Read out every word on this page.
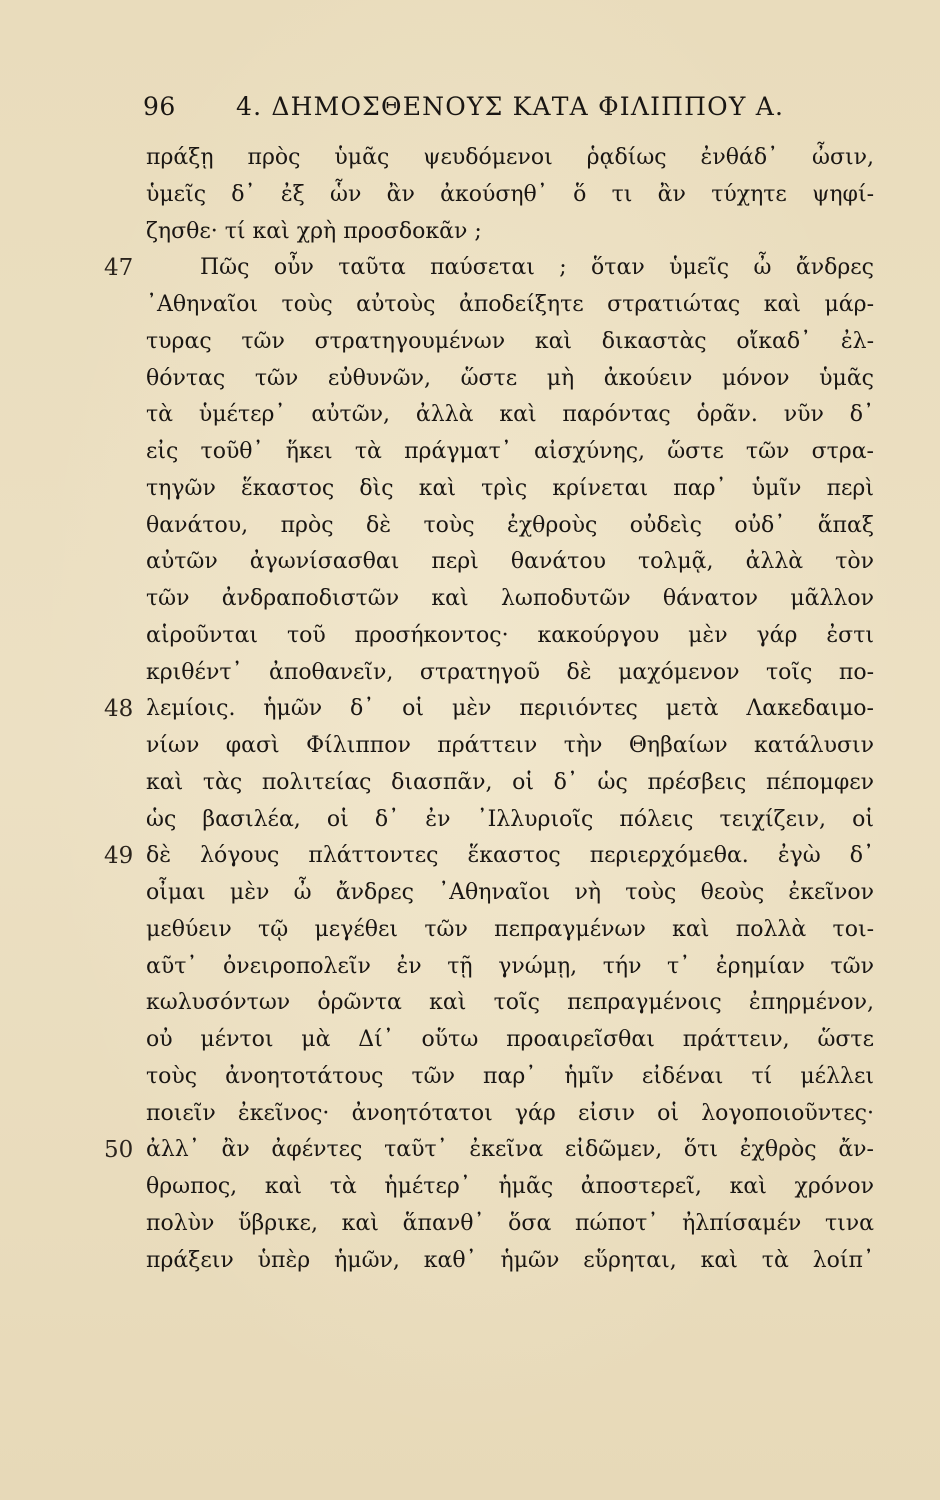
96 4. ΔΗΜΟΣΘΕΝΟΥΣ ΚΑΤΑ ΦΙΛΙΠΠΟΥ Α.
πράξῃ πρὸς ὑμᾶς ψευδόμενοι ῥᾳδίως ἐνθάδ᾿ ὦσιν,
ὑμεῖς δ᾿ ἐξ ὧν ἂν ἀκούσηθ᾿ ὅ τι ἂν τύχητε ψηφί-
ζησθε· τί καὶ χρὴ προσδοκᾶν ;
47	Πῶς οὖν ταῦτα παύσεται ; ὅταν ὑμεῖς ὦ ἄνδρες
᾿Αθηναῖοι τοὺς αὐτοὺς ἀποδείξητε στρατιώτας καὶ μάρ-
τυρας τῶν στρατηγουμένων καὶ δικαστὰς οἴκαδ᾿ ἐλ-
θόντας τῶν εὐθυνῶν, ὥστε μὴ ἀκούειν μόνον ὑμᾶς
τὰ ὑμέτερ᾿ αὐτῶν, ἀλλὰ καὶ παρόντας ὁρᾶν. νῦν δ᾿
εἰς τοῦθ᾿ ἥκει τὰ πράγματ᾿ αἰσχύνης, ὥστε τῶν στρα-
τηγῶν ἕκαστος δὶς καὶ τρὶς κρίνεται παρ᾿ ὑμῖν περὶ
θανάτου, πρὸς δὲ τοὺς ἐχθροὺς οὐδεὶς οὐδ᾿ ἅπαξ
αὐτῶν ἀγωνίσασθαι περὶ θανάτου τολμᾷ, ἀλλὰ τὸν
τῶν ἀνδραποδιστῶν καὶ λωποδυτῶν θάνατον μᾶλλον
αἱροῦνται τοῦ προσήκοντος· κακούργου μὲν γάρ ἐστι
κριθέντ᾿ ἀποθανεῖν, στρατηγοῦ δὲ μαχόμενον τοῖς πο-
48 λεμίοις. ἡμῶν δ᾿ οἱ μὲν περιιόντες μετὰ Λακεδαιμο-
νίων φασὶ Φίλιππον πράττειν τὴν Θηβαίων κατάλυσιν
καὶ τὰς πολιτείας διασπᾶν, οἱ δ᾿ ὡς πρέσβεις πέπομφεν
ὡς βασιλέα, οἱ δ᾿ ἐν ᾿Ιλλυριοῖς πόλεις τειχίζειν, οἱ
49 δὲ λόγους πλάττοντες ἕκαστος περιερχόμεθα. ἐγὼ δ᾿
οἶμαι μὲν ὦ ἄνδρες ᾿Αθηναῖοι νὴ τοὺς θεοὺς ἐκεῖνον
μεθύειν τῷ μεγέθει τῶν πεπραγμένων καὶ πολλὰ τοι-
αῦτ᾿ ὀνειροπολεῖν ἐν τῇ γνώμῃ, τήν τ᾿ ἐρημίαν τῶν
κωλυσόντων ὁρῶντα καὶ τοῖς πεπραγμένοις ἐπηρμένον,
οὐ μέντοι μὰ Δί᾿ οὕτω προαιρεῖσθαι πράττειν, ὥστε
τοὺς ἀνοητοτάτους τῶν παρ᾿ ἡμῖν εἰδέναι τί μέλλει
ποιεῖν ἐκεῖνος· ἀνοητότατοι γάρ εἰσιν οἱ λογοποιοῦντες·
50 ἀλλ᾿ ἂν ἀφέντες ταῦτ᾿ ἐκεῖνα εἰδῶμεν, ὅτι ἐχθρὸς ἄν-
θρωπος, καὶ τὰ ἡμέτερ᾿ ἡμᾶς ἀποστερεῖ, καὶ χρόνον
πολὺν ὕβρικε, καὶ ἅπανθ᾿ ὅσα πώποτ᾿ ἠλπίσαμέν τινα
πράξειν ὑπὲρ ἡμῶν, καθ᾿ ἡμῶν εὕρηται, καὶ τὰ λοίπ᾿
